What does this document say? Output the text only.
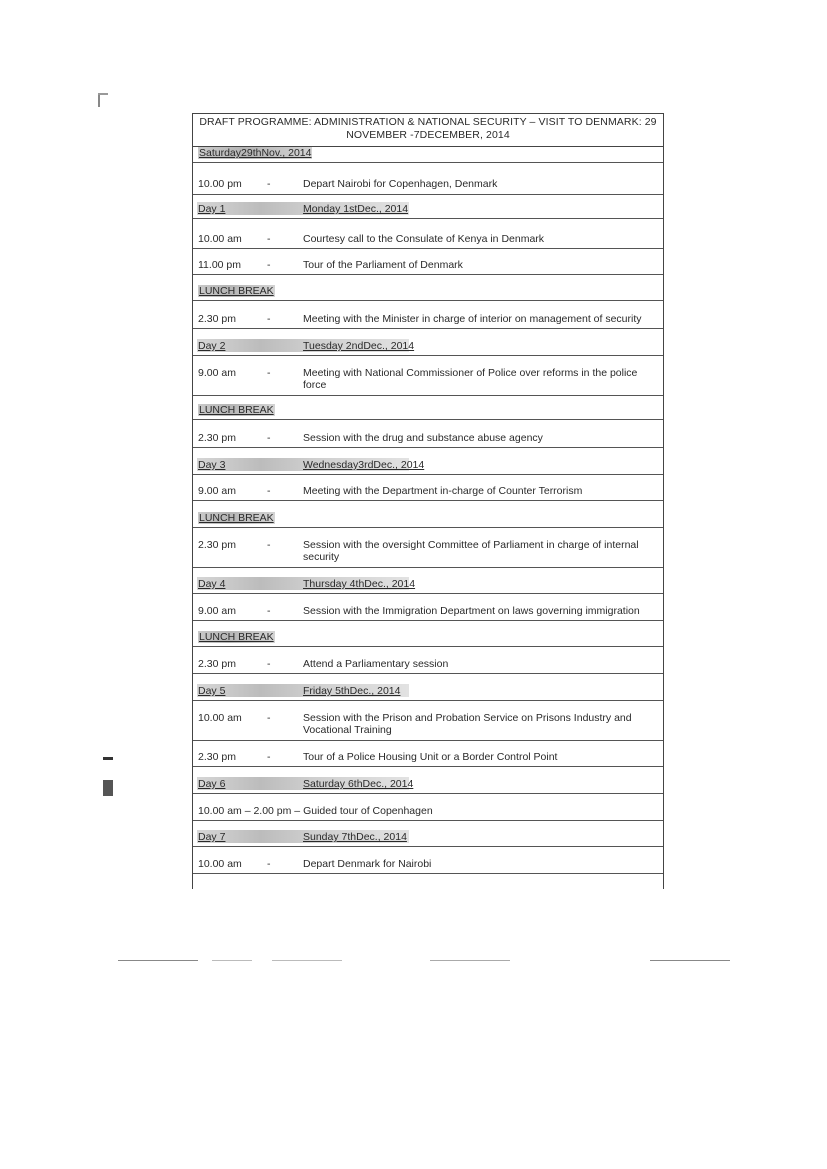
DRAFT PROGRAMME: ADMINISTRATION & NATIONAL SECURITY – VISIT TO DENMARK: 29
NOVEMBER -7DECEMBER, 2014
Saturday29thNov., 2014
10.00 pm -	Depart Nairobi for Copenhagen, Denmark
Day 1	Monday 1stDec., 2014
10.00 am -	Courtesy call to the Consulate of Kenya in Denmark
11.00 pm -	Tour of the Parliament of Denmark
LUNCH BREAK
2.30 pm	-	Meeting with the Minister in charge of interior on management of security
Day 2	Tuesday 2ndDec., 2014
9.00 am	-	Meeting with National Commissioner of Police over reforms in the police force
LUNCH BREAK
2.30 pm	-	Session with the drug and substance abuse agency
Day 3	Wednesday3rdDec., 2014
9.00 am	-	Meeting with the Department in-charge of Counter Terrorism
LUNCH BREAK
2.30 pm	-	Session with the oversight Committee of Parliament in charge of internal security
Day 4	Thursday 4thDec., 2014
9.00 am	-	Session with the Immigration Department on laws governing immigration
LUNCH BREAK
2.30 pm	-	Attend a Parliamentary session
Day 5	Friday 5thDec., 2014
10.00 am -	Session with the Prison and Probation Service on Prisons Industry and Vocational Training
2.30 pm	-	Tour of a Police Housing Unit or a Border Control Point
Day 6	Saturday 6thDec., 2014
10.00 am – 2.00 pm – Guided tour of Copenhagen
Day 7	Sunday 7thDec., 2014
10.00 am -	Depart Denmark for Nairobi
